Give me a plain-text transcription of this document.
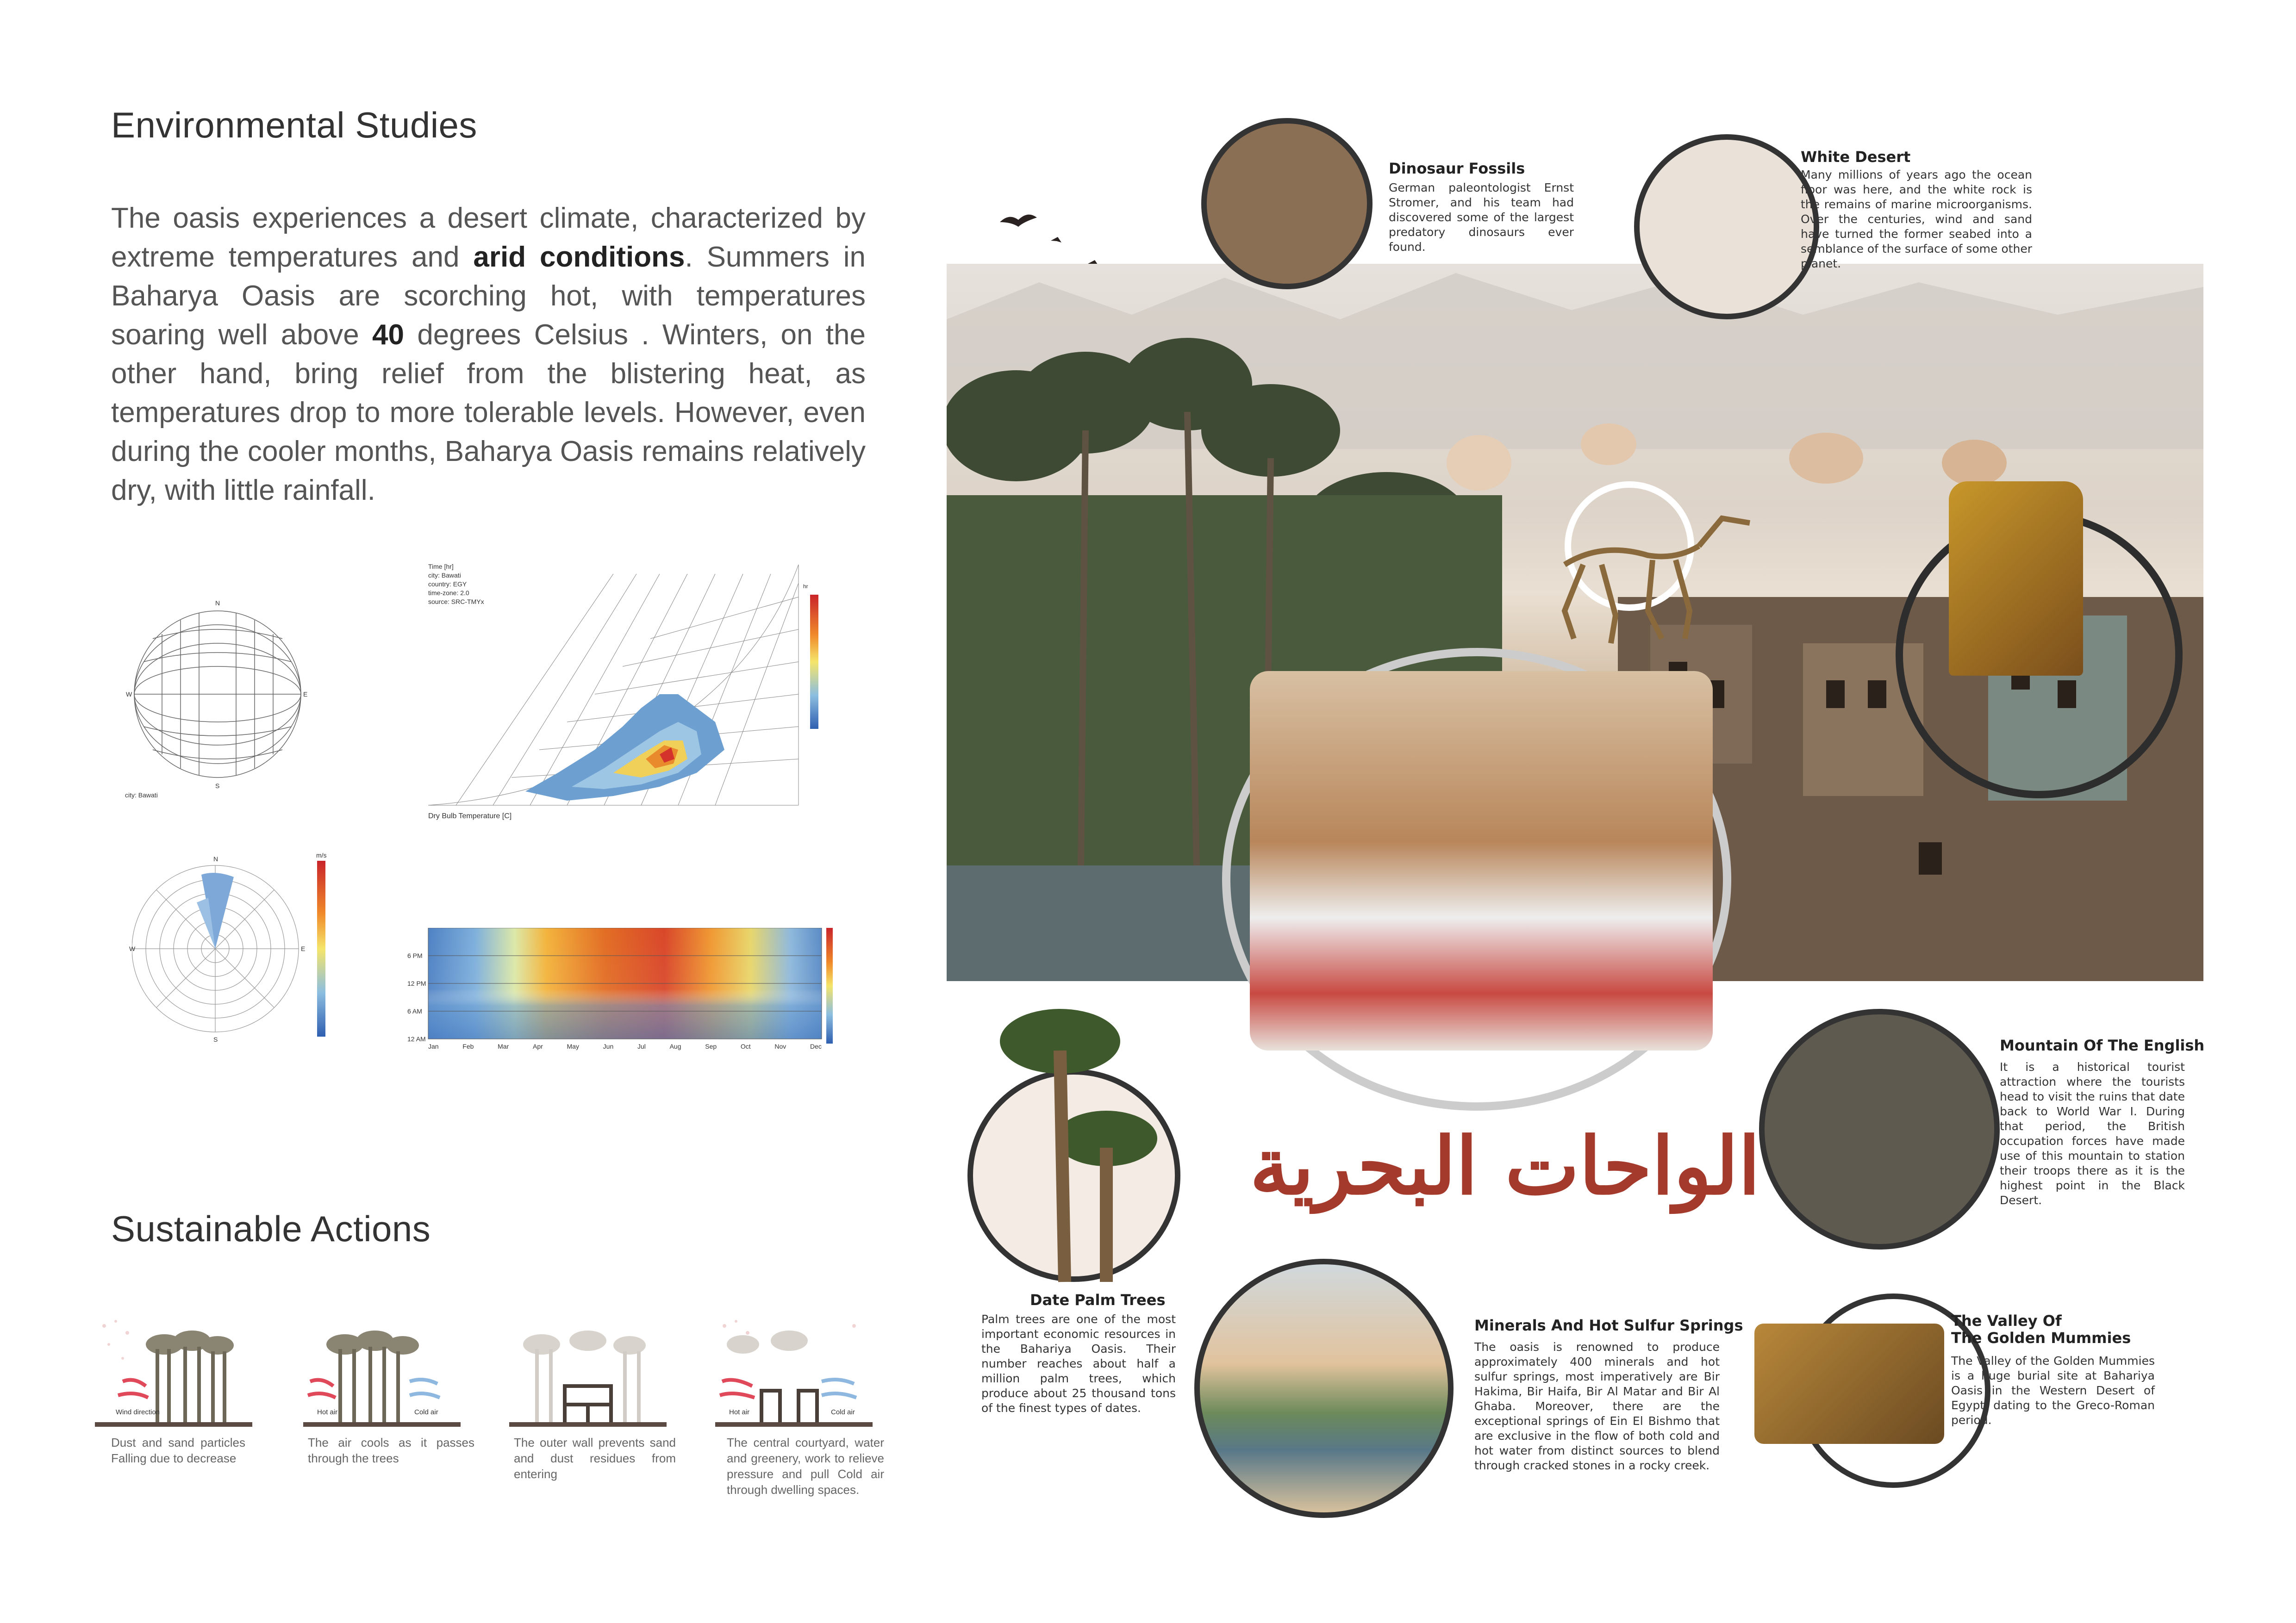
Environmental Studies
The oasis experiences a desert climate, characterized by extreme temperatures and arid conditions. Summers in Baharya Oasis are scorching hot, with temperatures soaring well above 40 degrees Celsius . Winters, on the other hand, bring relief from the blistering heat, as temperatures drop to more tolerable levels. However, even during the cooler months, Baharya Oasis remains relatively dry, with little rainfall.
N
S
E
W
city: Bawati
Time [hr]
city: Bawati
country: EGY
time-zone: 2.0
source: SRC-TMYx
Dry Bulb Temperature [C]
hr
N
S
E
W
m/s
6 PM
12 PM
6 AM
12 AM
Jan	Feb	Mar	Apr	May	Jun	Jul	Aug	Sep	Oct	Nov	Dec
Sustainable Actions
Wind direction
Dust and sand particles Falling due to decrease
Hot air	Cold air
The air cools as it passes through the trees
The outer wall prevents sand and dust residues from entering
Hot air	Cold air
The central courtyard, water and greenery, work to relieve pressure and pull Cold air through dwelling spaces.
Dinosaur Fossils
German paleontologist Ernst Stromer, and his team had discovered some of the largest predatory dinosaurs ever found.
White Desert
Many millions of years ago the ocean floor was here, and the white rock is the remains of marine microorganisms. Over the centuries, wind and sand have turned the former seabed into a semblance of the surface of some other planet.
Mountain Of The English
It is a historical tourist attraction where the tourists head to visit the ruins that date back to World War I. During that period, the British occupation forces have made use of this mountain to station their troops there as it is the highest point in the Black Desert.
الواحات البحرية
Date Palm Trees
Palm trees are one of the most important economic resources in the Bahariya Oasis. Their number reaches about half a million palm trees, which produce about 25 thousand tons of the finest types of dates.
Minerals And Hot Sulfur Springs
The oasis is renowned to produce approximately 400 minerals and hot sulfur springs, most imperatively are Bir Hakima, Bir Haifa, Bir Al Matar and Bir Al Ghaba. Moreover, there are the exceptional springs of Ein El Bishmo that are exclusive in the flow of both cold and hot water from distinct sources to blend through cracked stones in a rocky creek.
The Valley Of
The Golden Mummies
The Valley of the Golden Mummies is a huge burial site at Bahariya Oasis in the Western Desert of Egypt, dating to the Greco-Roman period.
